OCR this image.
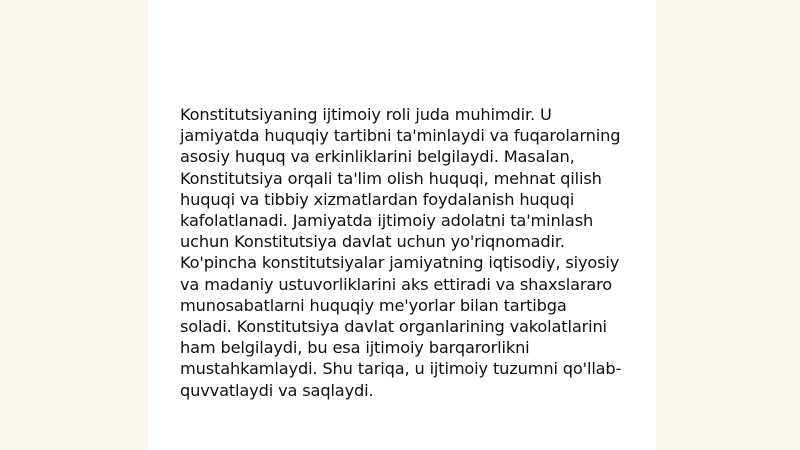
Konstitutsiyaning ijtimoiy roli juda muhimdir. U jamiyatda huquqiy tartibni ta'minlaydi va fuqarolarning asosiy huquq va erkinliklarini belgilaydi. Masalan, Konstitutsiya orqali ta'lim olish huquqi, mehnat qilish huquqi va tibbiy xizmatlardan foydalanish huquqi kafolatlanadi. Jamiyatda ijtimoiy adolatni ta'minlash uchun Konstitutsiya davlat uchun yo'riqnomadir. Ko'pincha konstitutsiyalar jamiyatning iqtisodiy, siyosiy va madaniy ustuvorliklarini aks ettiradi va shaxslararo munosabatlarni huquqiy me'yorlar bilan tartibga soladi. Konstitutsiya davlat organlarining vakolatlarini ham belgilaydi, bu esa ijtimoiy barqarorlikni mustahkamlaydi. Shu tariqa, u ijtimoiy tuzumni qo'llab-quvvatlaydi va saqlaydi.
